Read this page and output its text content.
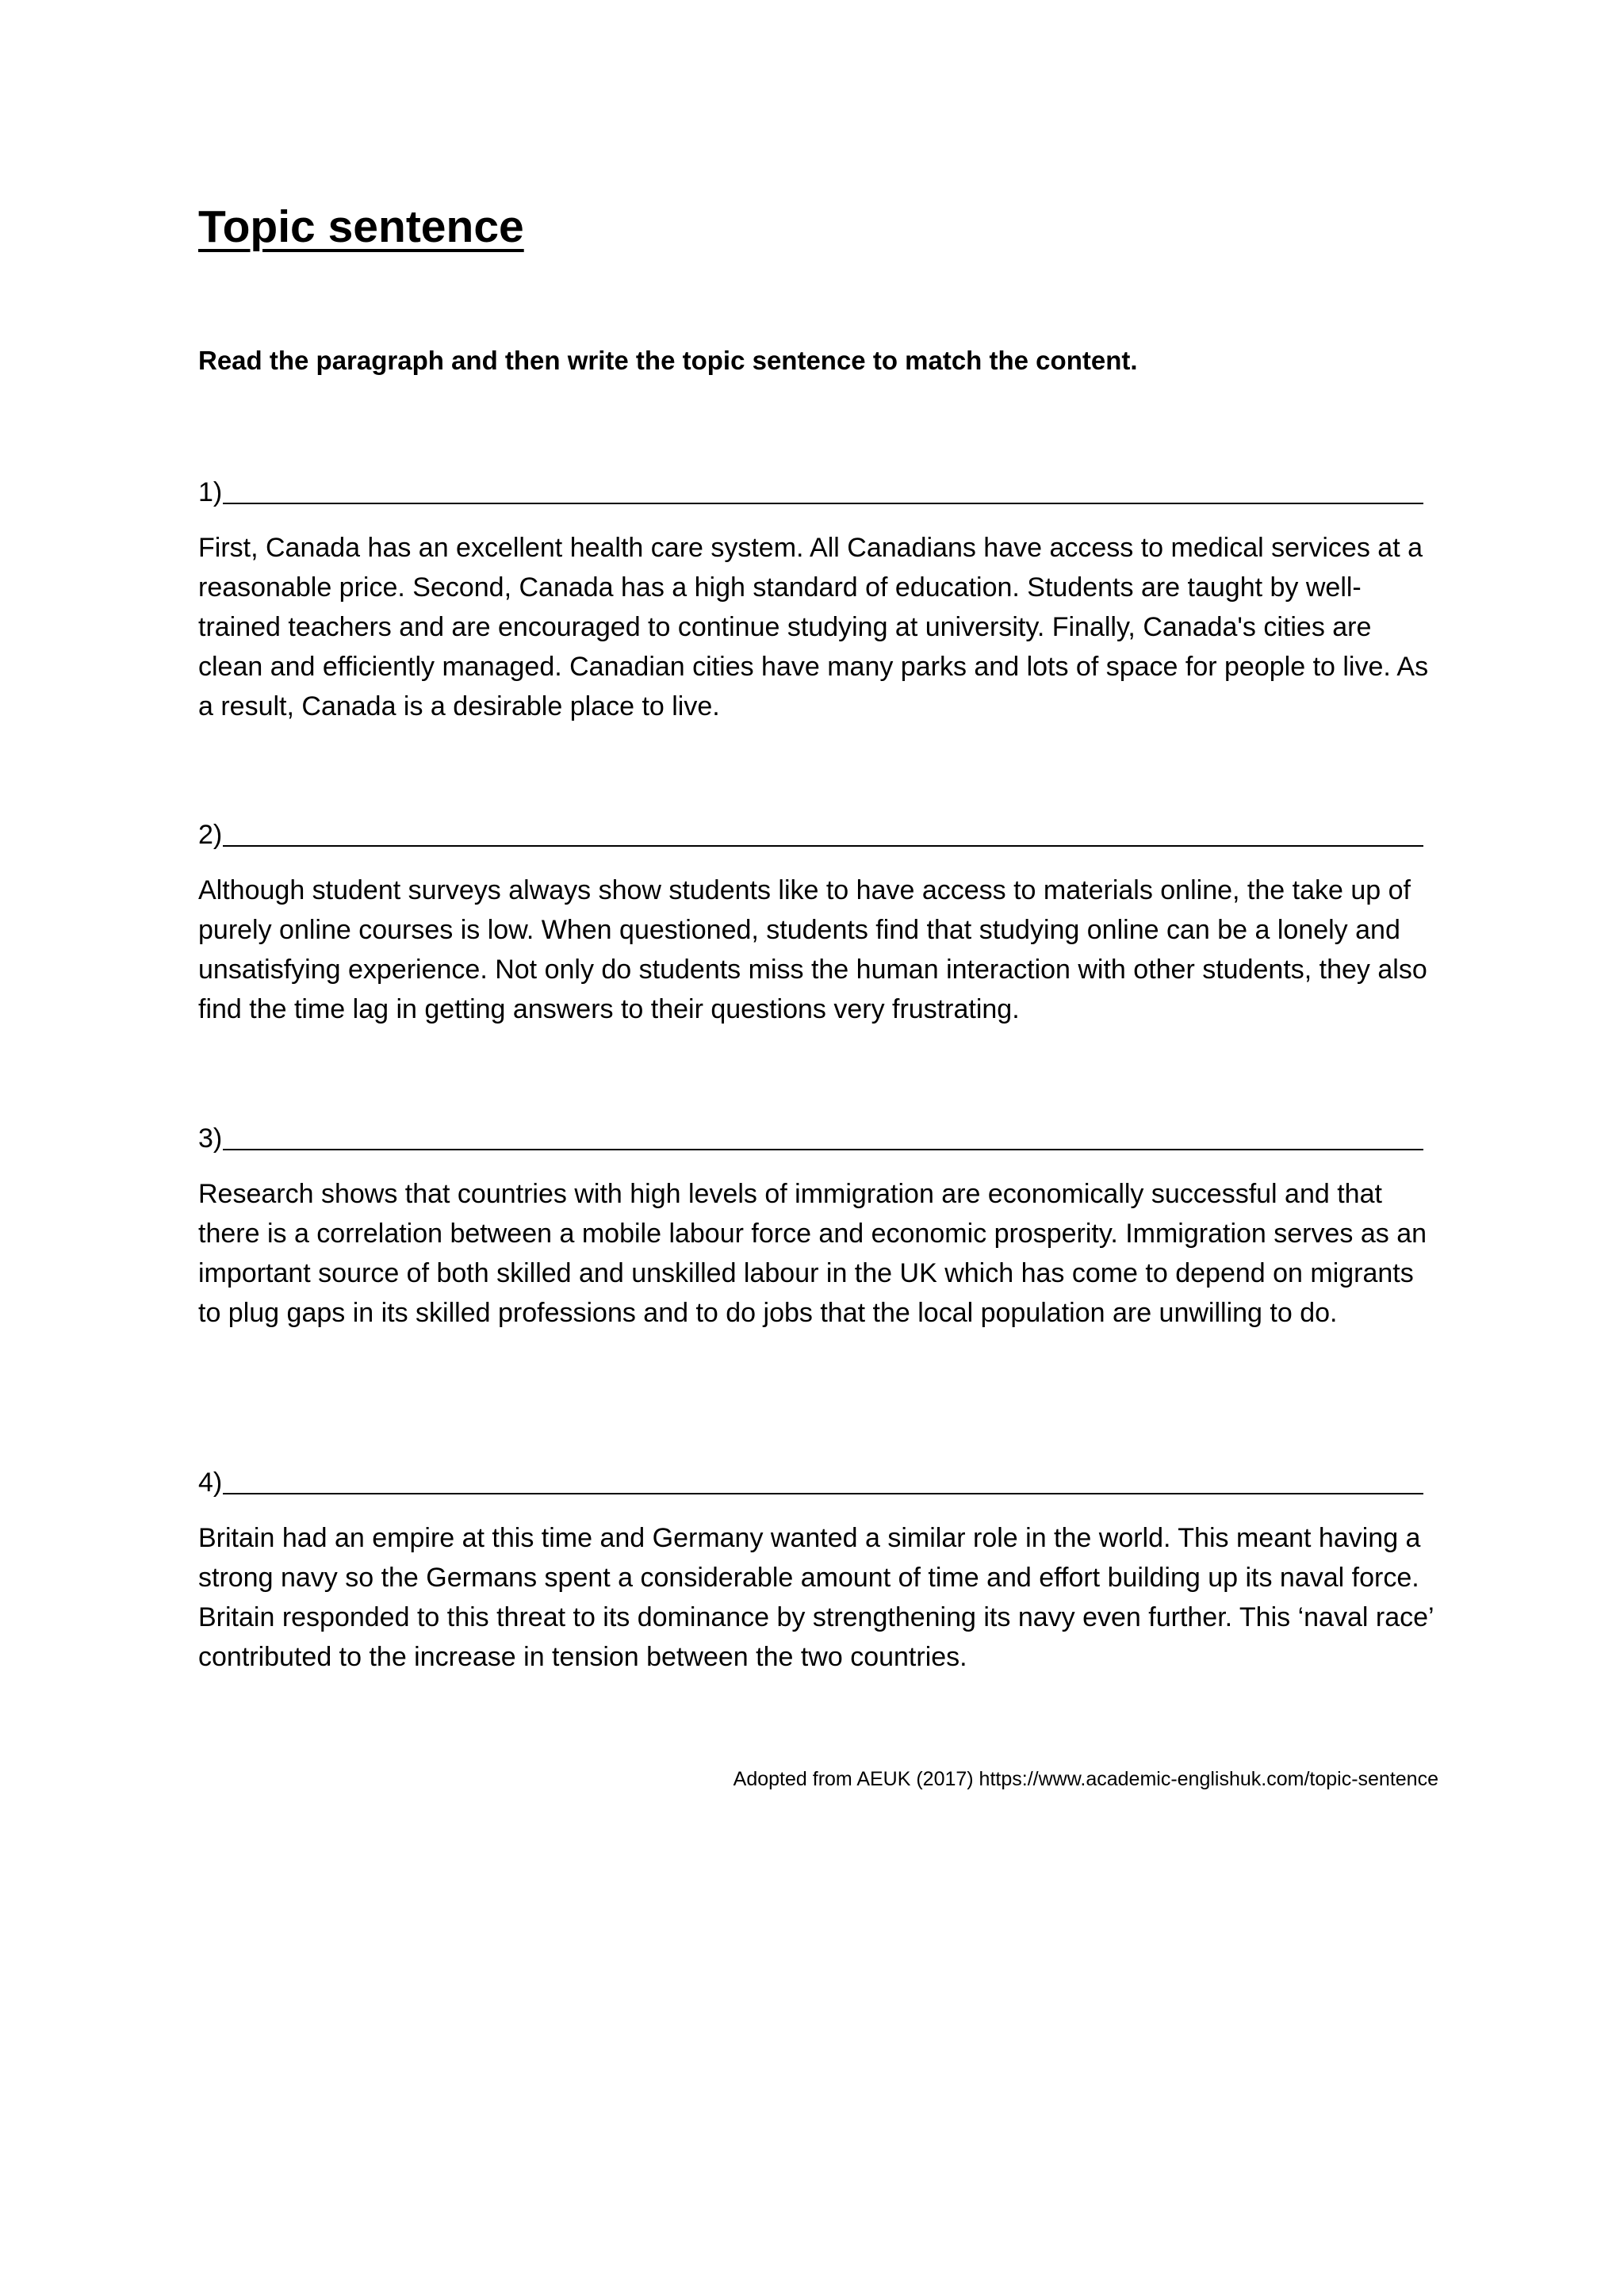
Topic sentence

Read the paragraph and then write the topic sentence to match the content.

1)

First, Canada has an excellent health care system. All Canadians have access to medical services at a reasonable price. Second, Canada has a high standard of education. Students are taught by well-trained teachers and are encouraged to continue studying at university. Finally, Canada's cities are clean and efficiently managed. Canadian cities have many parks and lots of space for people to live. As a result, Canada is a desirable place to live.

2)

Although student surveys always show students like to have access to materials online, the take up of purely online courses is low. When questioned, students find that studying online can be a lonely and unsatisfying experience. Not only do students miss the human interaction with other students, they also find the time lag in getting answers to their questions very frustrating.

3)

Research shows that countries with high levels of immigration are economically successful and that there is a correlation between a mobile labour force and economic prosperity. Immigration serves as an important source of both skilled and unskilled labour in the UK which has come to depend on migrants to plug gaps in its skilled professions and to do jobs that the local population are unwilling to do.

4)

Britain had an empire at this time and Germany wanted a similar role in the world. This meant having a strong navy so the Germans spent a considerable amount of time and effort building up its naval force. Britain responded to this threat to its dominance by strengthening its navy even further. This ‘naval race’ contributed to the increase in tension between the two countries.

Adopted from AEUK (2017) https://www.academic-englishuk.com/topic-sentence
